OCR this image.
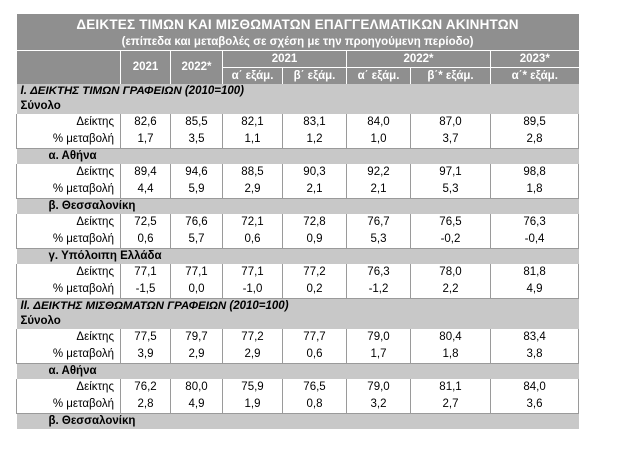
ΔΕΙΚΤΕΣ ΤΙΜΩΝ ΚΑΙ ΜΙΣΘΩΜΑΤΩΝ ΕΠΑΓΓΕΛΜΑΤΙΚΩΝ ΑΚΙΝΗΤΩΝ							
(επίπεδα και μεταβολές σε σχέση με την προηγούμενη περίοδο)							
	2021	2022*	2021		2022*		2023*
			α΄ εξάμ.	β΄ εξάμ.	α΄ εξάμ.	β΄* εξάμ.	α΄* εξάμ.
I. ΔΕΙΚΤΗΣ ΤΙΜΩΝ ΓΡΑΦΕΙΩΝ (2010=100)							
Σύνολο							
Δείκτης	82,6	85,5	82,1	83,1	84,0	87,0	89,5
% μεταβολή	1,7	3,5	1,1	1,2	1,0	3,7	2,8
α. Αθήνα							
Δείκτης	89,4	94,6	88,5	90,3	92,2	97,1	98,8
% μεταβολή	4,4	5,9	2,9	2,1	2,1	5,3	1,8
β. Θεσσαλονίκη							
Δείκτης	72,5	76,6	72,1	72,8	76,7	76,5	76,3
% μεταβολή	0,6	5,7	0,6	0,9	5,3	-0,2	-0,4
γ. Υπόλοιπη Ελλάδα							
Δείκτης	77,1	77,1	77,1	77,2	76,3	78,0	81,8
% μεταβολή	-1,5	0,0	-1,0	0,2	-1,2	2,2	4,9
II. ΔΕΙΚΤΗΣ ΜΙΣΘΩΜΑΤΩΝ ΓΡΑΦΕΙΩΝ (2010=100)							
Σύνολο							
Δείκτης	77,5	79,7	77,2	77,7	79,0	80,4	83,4
% μεταβολή	3,9	2,9	2,9	0,6	1,7	1,8	3,8
α. Αθήνα							
Δείκτης	76,2	80,0	75,9	76,5	79,0	81,1	84,0
% μεταβολή	2,8	4,9	1,9	0,8	3,2	2,7	3,6
β. Θεσσαλονίκη							
